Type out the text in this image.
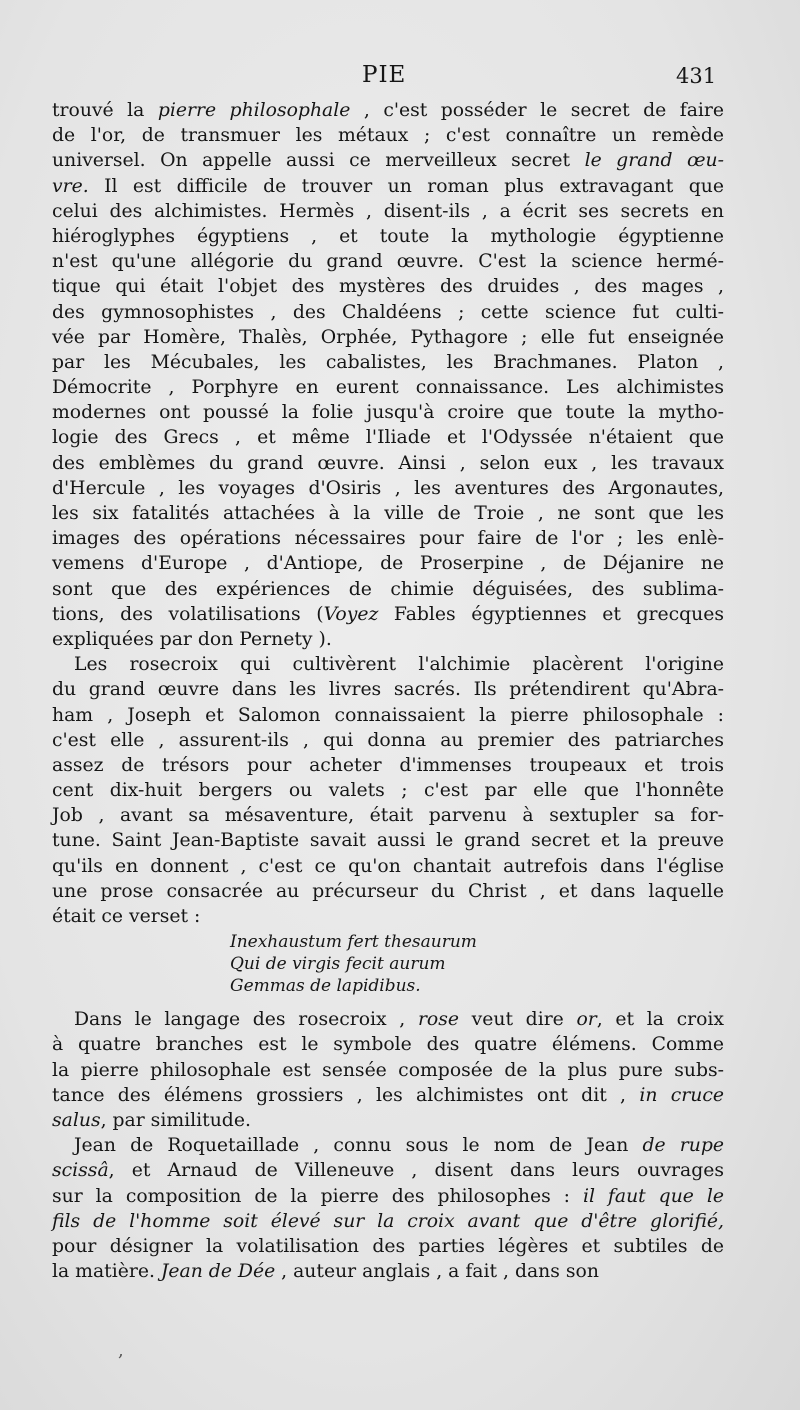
PIE	431
trouvé la pierre philosophale , c'est posséder le secret de faire
de l'or, de transmuer les métaux ; c'est connaître un remède
universel. On appelle aussi ce merveilleux secret le grand œu-
vre. Il est difficile de trouver un roman plus extravagant que
celui des alchimistes. Hermès , disent-ils , a écrit ses secrets en
hiéroglyphes égyptiens , et toute la mythologie égyptienne
n'est qu'une allégorie du grand œuvre. C'est la science hermé-
tique qui était l'objet des mystères des druides , des mages ,
des gymnosophistes , des Chaldéens ; cette science fut culti-
vée par Homère, Thalès, Orphée, Pythagore ; elle fut enseignée
par les Mécubales, les cabalistes, les Brachmanes. Platon ,
Démocrite , Porphyre en eurent connaissance. Les alchimistes
modernes ont poussé la folie jusqu'à croire que toute la mytho-
logie des Grecs , et même l'Iliade et l'Odyssée n'étaient que
des emblèmes du grand œuvre. Ainsi , selon eux , les travaux
d'Hercule , les voyages d'Osiris , les aventures des Argonautes,
les six fatalités attachées à la ville de Troie , ne sont que les
images des opérations nécessaires pour faire de l'or ; les enlè-
vemens d'Europe , d'Antiope, de Proserpine , de Déjanire ne
sont que des expériences de chimie déguisées, des sublima-
tions, des volatilisations (Voyez Fables égyptiennes et grecques
expliquées par don Pernety ).
Les rosecroix qui cultivèrent l'alchimie placèrent l'origine
du grand œuvre dans les livres sacrés. Ils prétendirent qu'Abra-
ham , Joseph et Salomon connaissaient la pierre philosophale :
c'est elle , assurent-ils , qui donna au premier des patriarches
assez de trésors pour acheter d'immenses troupeaux et trois
cent dix-huit bergers ou valets ; c'est par elle que l'honnête
Job , avant sa mésaventure, était parvenu à sextupler sa for-
tune. Saint Jean-Baptiste savait aussi le grand secret et la preuve
qu'ils en donnent , c'est ce qu'on chantait autrefois dans l'église
une prose consacrée au précurseur du Christ , et dans laquelle
était ce verset :
Inexhaustum fert thesaurum
Qui de virgis fecit aurum
Gemmas de lapidibus.
Dans le langage des rosecroix , rose veut dire or, et la croix
à quatre branches est le symbole des quatre élémens. Comme
la pierre philosophale est sensée composée de la plus pure subs-
tance des élémens grossiers , les alchimistes ont dit , in cruce
salus, par similitude.
Jean de Roquetaillade , connu sous le nom de Jean de rupe
scissâ, et Arnaud de Villeneuve , disent dans leurs ouvrages
sur la composition de la pierre des philosophes : il faut que le
fils de l'homme soit élevé sur la croix avant que d'être glorifié,
pour désigner la volatilisation des parties légères et subtiles de
la matière. Jean de Dée , auteur anglais , a fait , dans son
,
